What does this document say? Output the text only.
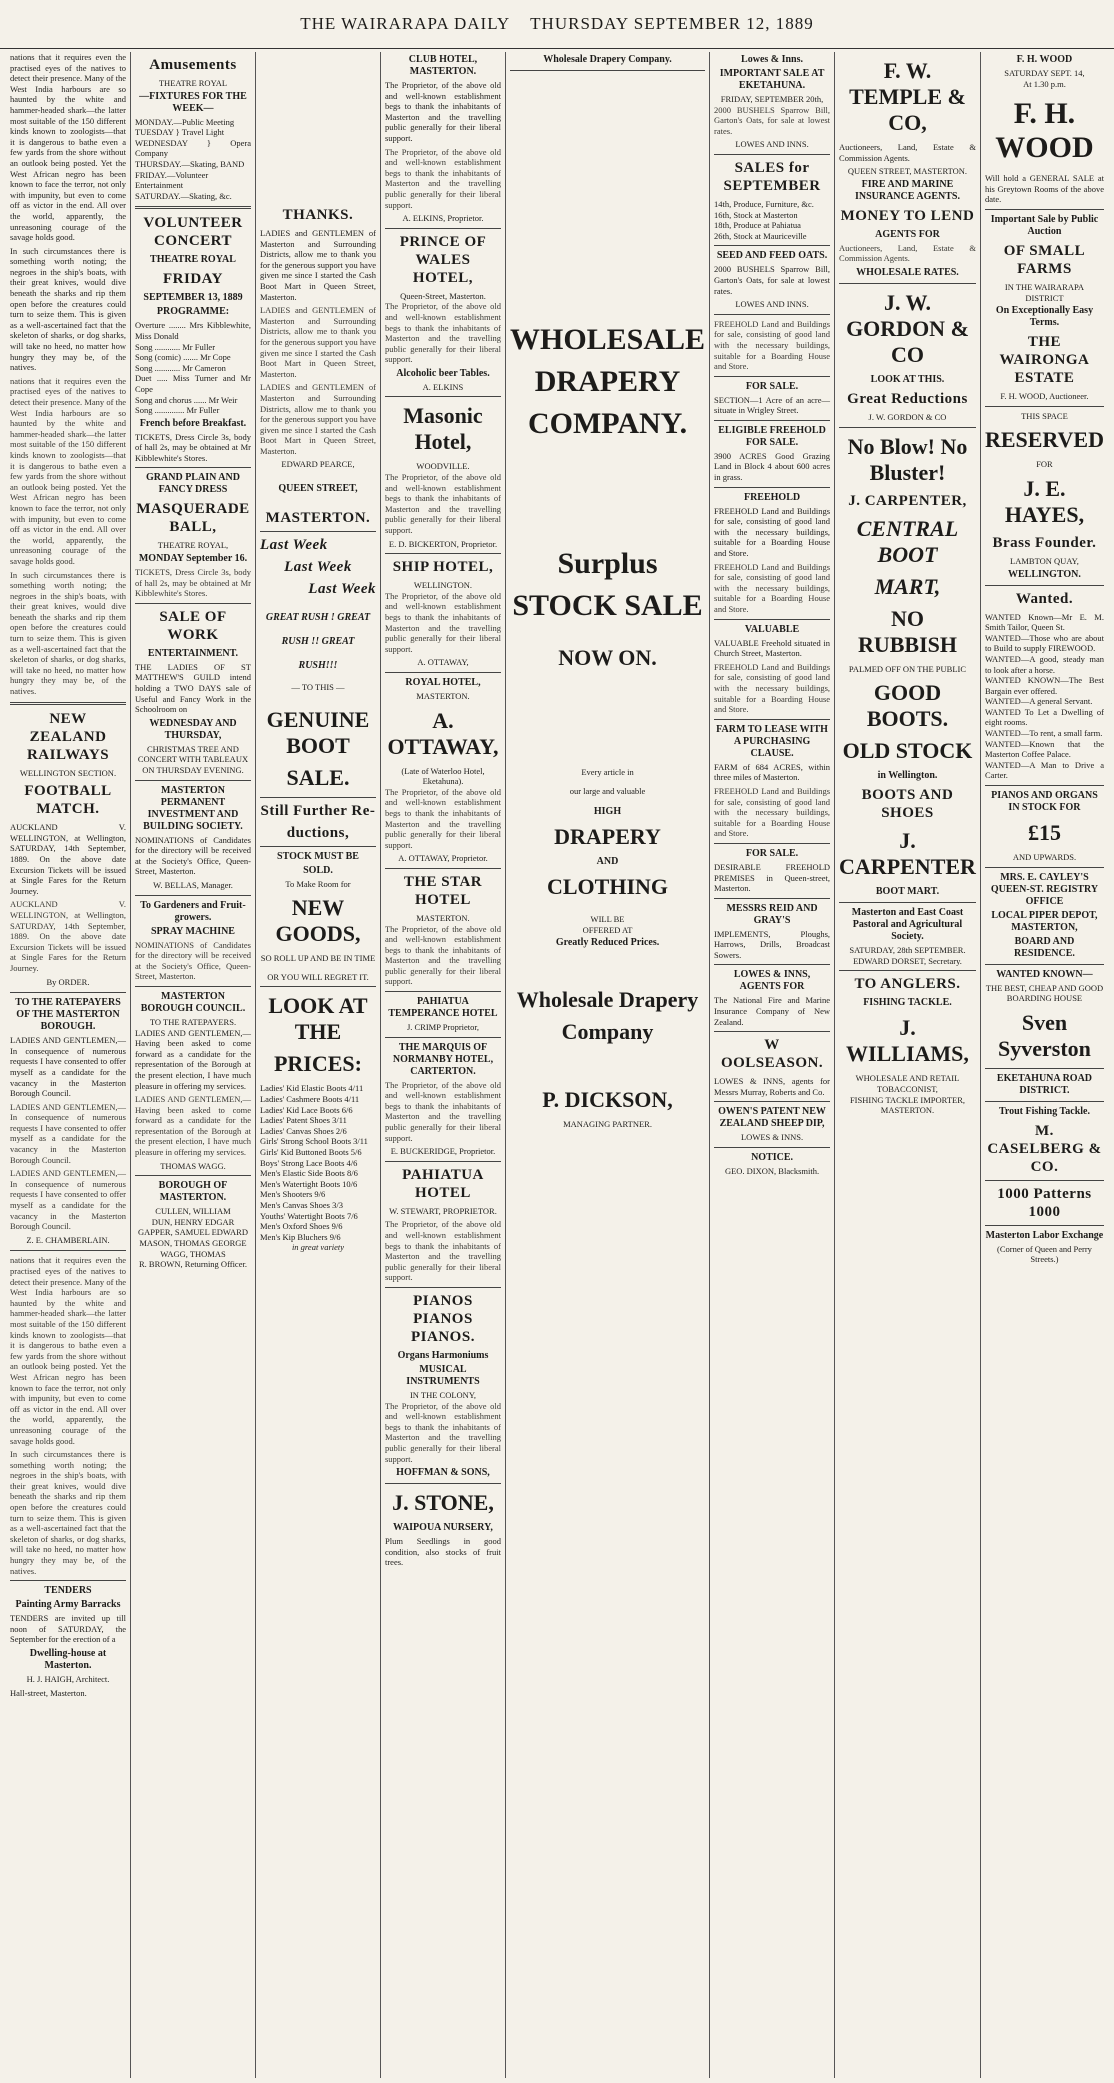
THE WAIRARAPA DAILY THURSDAY SEPTEMBER 12, 1889

nations that it requires even the practised eyes of the natives to detect their presence. Many of the West India harbours are so haunted by the white and hammer-headed shark—the latter most suitable of the 150 different kinds known to zoologists—that it is dangerous to bathe even a few yards from the shore without an outlook being posted. Yet the West African negro has been known to face the terror, not only with impunity, but even to come off as victor in the end. All over the world, apparently, the unreasoning courage of the savage holds good.

In such circumstances there is something worth noting; the negroes in the ship's boats, with their great knives, would dive beneath the sharks and rip them open before the creatures could turn to seize them. This is given as a well-ascertained fact that the skeleton of sharks, or dog sharks, will take no heed, no matter how hungry they may be, of the natives.

nations that it requires even the practised eyes of the natives to detect their presence. Many of the West India harbours are so haunted by the white and hammer-headed shark—the latter most suitable of the 150 different kinds known to zoologists—that it is dangerous to bathe even a few yards from the shore without an outlook being posted. Yet the West African negro has been known to face the terror, not only with impunity, but even to come off as victor in the end. All over the world, apparently, the unreasoning courage of the savage holds good.

In such circumstances there is something worth noting; the negroes in the ship's boats, with their great knives, would dive beneath the sharks and rip them open before the creatures could turn to seize them. This is given as a well-ascertained fact that the skeleton of sharks, or dog sharks, will take no heed, no matter how hungry they may be, of the natives.

NEW ZEALAND RAILWAYS
WELLINGTON SECTION.
FOOTBALL MATCH.

AUCKLAND V. WELLINGTON, at Wellington, SATURDAY, 14th September, 1889. On the above date Excursion Tickets will be issued at Single Fares for the Return Journey.

AUCKLAND V. WELLINGTON, at Wellington, SATURDAY, 14th September, 1889. On the above date Excursion Tickets will be issued at Single Fares for the Return Journey.

By ORDER.

TO THE RATEPAYERS OF THE MASTERTON BOROUGH.

LADIES AND GENTLEMEN,—In consequence of numerous requests I have consented to offer myself as a candidate for the vacancy in the Masterton Borough Council.

LADIES AND GENTLEMEN,—In consequence of numerous requests I have consented to offer myself as a candidate for the vacancy in the Masterton Borough Council.

LADIES AND GENTLEMEN,—In consequence of numerous requests I have consented to offer myself as a candidate for the vacancy in the Masterton Borough Council.

Z. E. CHAMBERLAIN.

nations that it requires even the practised eyes of the natives to detect their presence. Many of the West India harbours are so haunted by the white and hammer-headed shark—the latter most suitable of the 150 different kinds known to zoologists—that it is dangerous to bathe even a few yards from the shore without an outlook being posted. Yet the West African negro has been known to face the terror, not only with impunity, but even to come off as victor in the end. All over the world, apparently, the unreasoning courage of the savage holds good.

In such circumstances there is something worth noting; the negroes in the ship's boats, with their great knives, would dive beneath the sharks and rip them open before the creatures could turn to seize them. This is given as a well-ascertained fact that the skeleton of sharks, or dog sharks, will take no heed, no matter how hungry they may be, of the natives.

TENDERS
Painting Army Barracks

TENDERS are invited up till noon of SATURDAY, the September for the erection of a

Dwelling-house at Masterton.

H. J. HAIGH, Architect.

Hall-street, Masterton.

Amusements
THEATRE ROYAL
—FIXTURES FOR THE WEEK—

MONDAY.—Public Meeting

TUESDAY } Travel Light

WEDNESDAY } Opera Company

THURSDAY.—Skating, BAND

FRIDAY.—Volunteer Entertainment

SATURDAY.—Skating, &c.

VOLUNTEER CONCERT
THEATRE ROYAL
FRIDAY
SEPTEMBER 13, 1889
PROGRAMME:

Overture ........ Mrs Kibblewhite, Miss Donald

Song ............ Mr Fuller

Song (comic) ....... Mr Cope

Song ............ Mr Cameron

Duet ..... Miss Turner and Mr Cope

Song and chorus ...... Mr Weir

Song .............. Mr Fuller

French before Breakfast.

TICKETS, Dress Circle 3s, body of hall 2s, may be obtained at Mr Kibblewhite's Stores.

GRAND PLAIN AND FANCY DRESS
MASQUERADE BALL,
THEATRE ROYAL,
MONDAY September 16.

TICKETS, Dress Circle 3s, body of hall 2s, may be obtained at Mr Kibblewhite's Stores.

SALE OF WORK
ENTERTAINMENT.

THE LADIES OF ST MATTHEW'S GUILD intend holding a TWO DAYS sale of Useful and Fancy Work in the Schoolroom on

WEDNESDAY AND THURSDAY,

CHRISTMAS TREE AND CONCERT WITH TABLEAUX ON THURSDAY EVENING.

MASTERTON PERMANENT INVESTMENT AND BUILDING SOCIETY.

NOMINATIONS of Candidates for the directory will be received at the Society's Office, Queen-Street, Masterton.

W. BELLAS, Manager.

To Gardeners and Fruit-growers.
SPRAY MACHINE

NOMINATIONS of Candidates for the directory will be received at the Society's Office, Queen-Street, Masterton.

MASTERTON BOROUGH COUNCIL.
TO THE RATEPAYERS.

LADIES AND GENTLEMEN,—Having been asked to come forward as a candidate for the representation of the Borough at the present election, I have much pleasure in offering my services.

LADIES AND GENTLEMEN,—Having been asked to come forward as a candidate for the representation of the Borough at the present election, I have much pleasure in offering my services.

THOMAS WAGG.

BOROUGH OF MASTERTON.

CULLEN, WILLIAM

DUN, HENRY EDGAR

GAPPER, SAMUEL EDWARD

MASON, THOMAS GEORGE

WAGG, THOMAS

R. BROWN, Returning Officer.

THANKS.

LADIES and GENTLEMEN of Masterton and Surrounding Districts, allow me to thank you for the generous support you have given me since I started the Cash Boot Mart in Queen Street, Masterton.

LADIES and GENTLEMEN of Masterton and Surrounding Districts, allow me to thank you for the generous support you have given me since I started the Cash Boot Mart in Queen Street, Masterton.

LADIES and GENTLEMEN of Masterton and Surrounding Districts, allow me to thank you for the generous support you have given me since I started the Cash Boot Mart in Queen Street, Masterton.

EDWARD PEARCE,

QUEEN STREET,
MASTERTON.
Last Week
Last Week
Last Week
GREAT RUSH ! GREAT
RUSH !! GREAT
RUSH!!!
— TO THIS —
GENUINE BOOT
SALE.
Still Further Re-
ductions,
STOCK MUST BE
SOLD.
To Make Room for
NEW GOODS,
SO ROLL UP AND BE IN TIME
OR YOU WILL REGRET IT.
LOOK AT THE
PRICES:

Ladies' Kid Elastic Boots 4/11

Ladies' Cashmere Boots 4/11

Ladies' Kid Lace Boots 6/6

Ladies' Patent Shoes 3/11

Ladies' Canvas Shoes 2/6

Girls' Strong School Boots 3/11

Girls' Kid Buttoned Boots 5/6

Boys' Strong Lace Boots 4/6

Men's Elastic Side Boots 8/6

Men's Watertight Boots 10/6

Men's Shooters 9/6

Men's Canvas Shoes 3/3

Youths' Watertight Boots 7/6

Men's Oxford Shoes 9/6

Men's Kip Bluchers 9/6

in great variety

CLUB HOTEL, MASTERTON.

The Proprietor, of the above old and well-known establishment begs to thank the inhabitants of Masterton and the travelling public generally for their liberal support.

The Proprietor, of the above old and well-known establishment begs to thank the inhabitants of Masterton and the travelling public generally for their liberal support.

A. ELKINS, Proprietor.

PRINCE OF WALES HOTEL,
Queen-Street, Masterton.

The Proprietor, of the above old and well-known establishment begs to thank the inhabitants of Masterton and the travelling public generally for their liberal support.

Alcoholic beer Tables.

A. ELKINS

Masonic Hotel,
WOODVILLE.

The Proprietor, of the above old and well-known establishment begs to thank the inhabitants of Masterton and the travelling public generally for their liberal support.

E. D. BICKERTON, Proprietor.

SHIP HOTEL,
WELLINGTON.

The Proprietor, of the above old and well-known establishment begs to thank the inhabitants of Masterton and the travelling public generally for their liberal support.

A. OTTAWAY,

ROYAL HOTEL,
MASTERTON.
A. OTTAWAY,
(Late of Waterloo Hotel, Eketahuna).

The Proprietor, of the above old and well-known establishment begs to thank the inhabitants of Masterton and the travelling public generally for their liberal support.

A. OTTAWAY, Proprietor.

THE STAR HOTEL
MASTERTON.

The Proprietor, of the above old and well-known establishment begs to thank the inhabitants of Masterton and the travelling public generally for their liberal support.

PAHIATUA TEMPERANCE HOTEL

J. CRIMP Proprietor,

THE MARQUIS OF NORMANBY HOTEL, CARTERTON.

The Proprietor, of the above old and well-known establishment begs to thank the inhabitants of Masterton and the travelling public generally for their liberal support.

E. BUCKERIDGE, Proprietor.

PAHIATUA HOTEL

W. STEWART, PROPRIETOR.

The Proprietor, of the above old and well-known establishment begs to thank the inhabitants of Masterton and the travelling public generally for their liberal support.

PIANOS PIANOS PIANOS.
Organs Harmoniums
MUSICAL INSTRUMENTS
IN THE COLONY,

The Proprietor, of the above old and well-known establishment begs to thank the inhabitants of Masterton and the travelling public generally for their liberal support.

HOFFMAN & SONS,
J. STONE,
WAIPOUA NURSERY,

Plum Seedlings in good condition, also stocks of fruit trees.

Wholesale Drapery Company.
WHOLESALE
DRAPERY
COMPANY.
Surplus
STOCK SALE
NOW ON.
Every article in
our large and valuable
HIGH
DRAPERY
AND
CLOTHING
WILL BE
OFFERED AT
Greatly Reduced Prices.
Wholesale Drapery
Company
P. DICKSON,
MANAGING PARTNER.
Lowes & Inns.
IMPORTANT SALE AT EKETAHUNA.
FRIDAY, SEPTEMBER 20th,

2000 BUSHELS Sparrow Bill, Garton's Oats, for sale at lowest rates.

LOWES AND INNS.

SALES for SEPTEMBER

14th, Produce, Furniture, &c.

16th, Stock at Masterton

18th, Produce at Pahiatua

26th, Stock at Mauriceville

SEED AND FEED OATS.

2000 BUSHELS Sparrow Bill, Garton's Oats, for sale at lowest rates.

LOWES AND INNS.

FREEHOLD Land and Buildings for sale, consisting of good land with the necessary buildings, suitable for a Boarding House and Store.

FOR SALE.

SECTION—1 Acre of an acre—situate in Wrigley Street.

ELIGIBLE FREEHOLD FOR SALE.

3900 ACRES Good Grazing Land in Block 4 about 600 acres in grass.

FREEHOLD

FREEHOLD Land and Buildings for sale, consisting of good land with the necessary buildings, suitable for a Boarding House and Store.

FREEHOLD Land and Buildings for sale, consisting of good land with the necessary buildings, suitable for a Boarding House and Store.

VALUABLE

VALUABLE Freehold situated in Church Street, Masterton.

FREEHOLD Land and Buildings for sale, consisting of good land with the necessary buildings, suitable for a Boarding House and Store.

FARM TO LEASE WITH A PURCHASING CLAUSE.

FARM of 684 ACRES, within three miles of Masterton.

FREEHOLD Land and Buildings for sale, consisting of good land with the necessary buildings, suitable for a Boarding House and Store.

FOR SALE.

DESIRABLE FREEHOLD PREMISES in Queen-street, Masterton.

MESSRS REID AND GRAY'S

IMPLEMENTS, Ploughs, Harrows, Drills, Broadcast Sowers.

LOWES & INNS, AGENTS FOR

The National Fire and Marine Insurance Company of New Zealand.

W OOLSEASON.

LOWES & INNS, agents for Messrs Murray, Roberts and Co.

OWEN'S PATENT NEW ZEALAND SHEEP DIP,

LOWES & INNS.

NOTICE.

GEO. DIXON, Blacksmith.

F. W. TEMPLE & CO,

Auctioneers, Land, Estate & Commission Agents.

QUEEN STREET, MASTERTON.
FIRE AND MARINE INSURANCE AGENTS.
MONEY TO LEND
AGENTS FOR

Auctioneers, Land, Estate & Commission Agents.

WHOLESALE RATES.
J. W. GORDON & CO
LOOK AT THIS.
Great Reductions

J. W. GORDON & CO

No Blow! No Bluster!
J. CARPENTER,
CENTRAL BOOT
MART,
NO RUBBISH
PALMED OFF ON THE PUBLIC
GOOD BOOTS.
OLD STOCK
in Wellington.
BOOTS AND SHOES
J. CARPENTER
BOOT MART.
Masterton and East Coast Pastoral and Agricultural Society.
SATURDAY, 28th SEPTEMBER.

EDWARD DORSET, Secretary.

TO ANGLERS.
FISHING TACKLE.
J. WILLIAMS,
WHOLESALE AND RETAIL TOBACCONIST,
FISHING TACKLE IMPORTER, MASTERTON.
F. H. WOOD
SATURDAY SEPT. 14,
At 1.30 p.m.
F. H. WOOD

Will hold a GENERAL SALE at his Greytown Rooms of the above date.

Important Sale by Public Auction
OF SMALL FARMS
IN THE WAIRARAPA DISTRICT
On Exceptionally Easy Terms.
THE WAIRONGA ESTATE

F. H. WOOD, Auctioneer.

THIS SPACE
RESERVED
FOR
J. E. HAYES,
Brass Founder.
LAMBTON QUAY,
WELLINGTON.
Wanted.

WANTED Known—Mr E. M. Smith Tailor, Queen St.

WANTED—Those who are about to Build to supply FIREWOOD.

WANTED—A good, steady man to look after a horse.

WANTED KNOWN—The Best Bargain ever offered.

WANTED—A general Servant.

WANTED To Let a Dwelling of eight rooms.

WANTED—To rent, a small farm.

WANTED—Known that the Masterton Coffee Palace.

WANTED—A Man to Drive a Carter.

PIANOS AND ORGANS IN STOCK FOR
£15
AND UPWARDS.
MRS. E. CAYLEY'S QUEEN-ST. REGISTRY OFFICE
LOCAL PIPER DEPOT, MASTERTON,
BOARD AND RESIDENCE.
WANTED KNOWN—
THE BEST, CHEAP AND GOOD BOARDING HOUSE
Sven Syverston
EKETAHUNA ROAD DISTRICT.
Trout Fishing Tackle.
M. CASELBERG & CO.
1000 Patterns 1000
Masterton Labor Exchange
(Corner of Queen and Perry Streets.)
